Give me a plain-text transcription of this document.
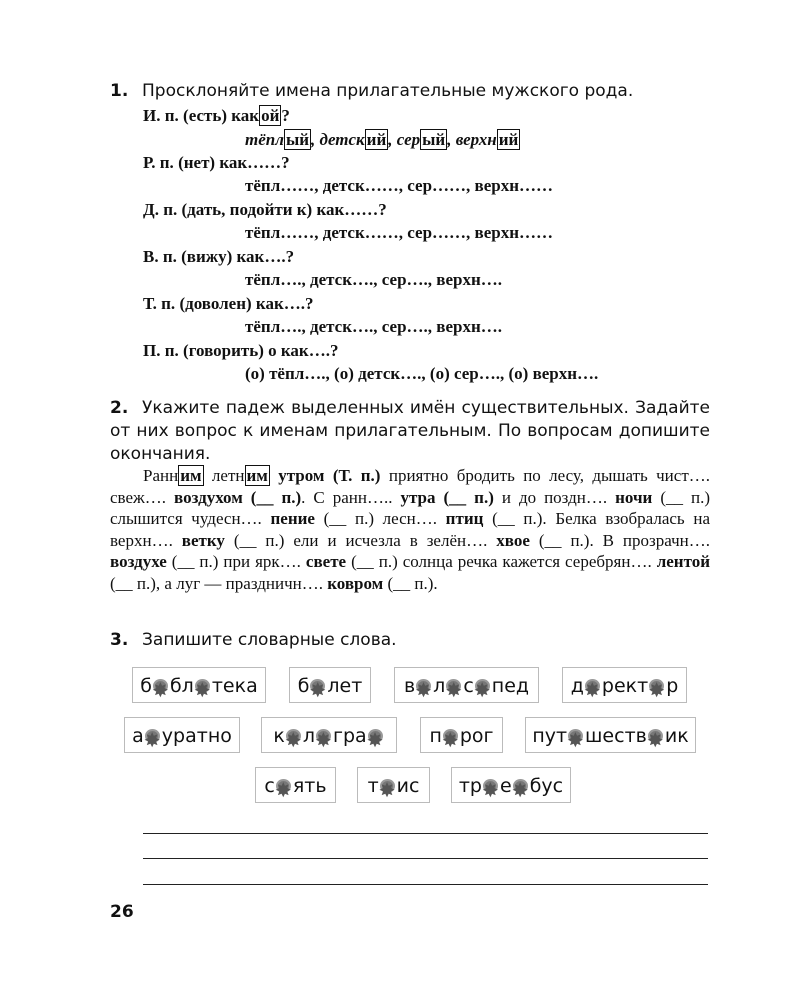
1. Просклоняйте имена прилагательные мужского рода.
И. п. (есть) как ой ?
тёпл ый , детск ий , сер ый , верхн ий
Р. п. (нет) как……?
тёпл……, детск……, сер……, верхн……
Д. п. (дать, подойти к) как……?
тёпл……, детск……, сер……, верхн……
В. п. (вижу) как….?
тёпл…., детск…., сер…., верхн….
Т. п. (доволен) как….?
тёпл…., детск…., сер…., верхн….
П. п. (говорить) о как….?
(о) тёпл…., (о) детск…., (о) сер…., (о) верхн….
2. Укажите падеж выделенных имён существительных. Задайте от них вопрос к именам прилагательным. По вопросам допишите окончания.
Ранн им летн им утром (Т. п.) приятно бродить по лесу, дышать чист…. свеж…. воздухом (__ п.). С ранн….. утра (__ п.) и до поздн…. ночи (__ п.) слышится чудесн…. пение (__ п.) лесн…. птиц (__ п.). Белка взобралась на верхн…. ветку (__ п.) ели и исчезла в зелён…. хвое (__ п.). В прозрачн…. воздухе (__ п.) при ярк…. свете (__ п.) солнца речка кажется серебрян…. лентой (__ п.), а луг — праздничн…. ковром (__ п.).
3. Запишите словарные слова.
б ✸ бл✸ тека	б✸ лет	в ✸ л ✸ с✸ пед	д ✸ рект✸ р
а ✸ уратно	к ✸ л ✸ гра✸	п✸ рог	пут ✸ шеств✸ ик
с ✸ ять	т✸ ис	тр ✸ е✸ бус
26
